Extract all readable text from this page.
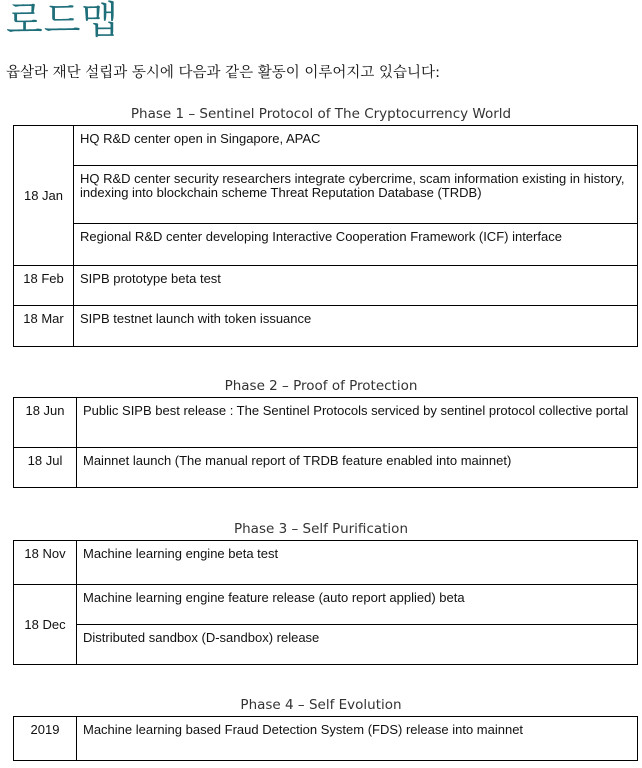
로드맵
윱살라 재단 설립과 동시에 다음과 같은 활동이 이루어지고 있습니다:
Phase 1 – Sentinel Protocol of The Cryptocurrency World
18 Jan	HQ R&D center open in Singapore, APAC
	HQ R&D center security researchers integrate cybercrime, scam information existing in history, indexing into blockchain scheme Threat Reputation Database (TRDB)
	Regional R&D center developing Interactive Cooperation Framework (ICF) interface
18 Feb	SIPB prototype beta test
18 Mar	SIPB testnet launch with token issuance
Phase 2 – Proof of Protection
18 Jun	Public SIPB best release : The Sentinel Protocols serviced by sentinel protocol collective portal
18 Jul	Mainnet launch (The manual report of TRDB feature enabled into mainnet)
Phase 3 – Self Purification
18 Nov	Machine learning engine beta test
18 Dec	Machine learning engine feature release (auto report applied) beta
	Distributed sandbox (D-sandbox) release
Phase 4 – Self Evolution
2019	Machine learning based Fraud Detection System (FDS) release into mainnet
